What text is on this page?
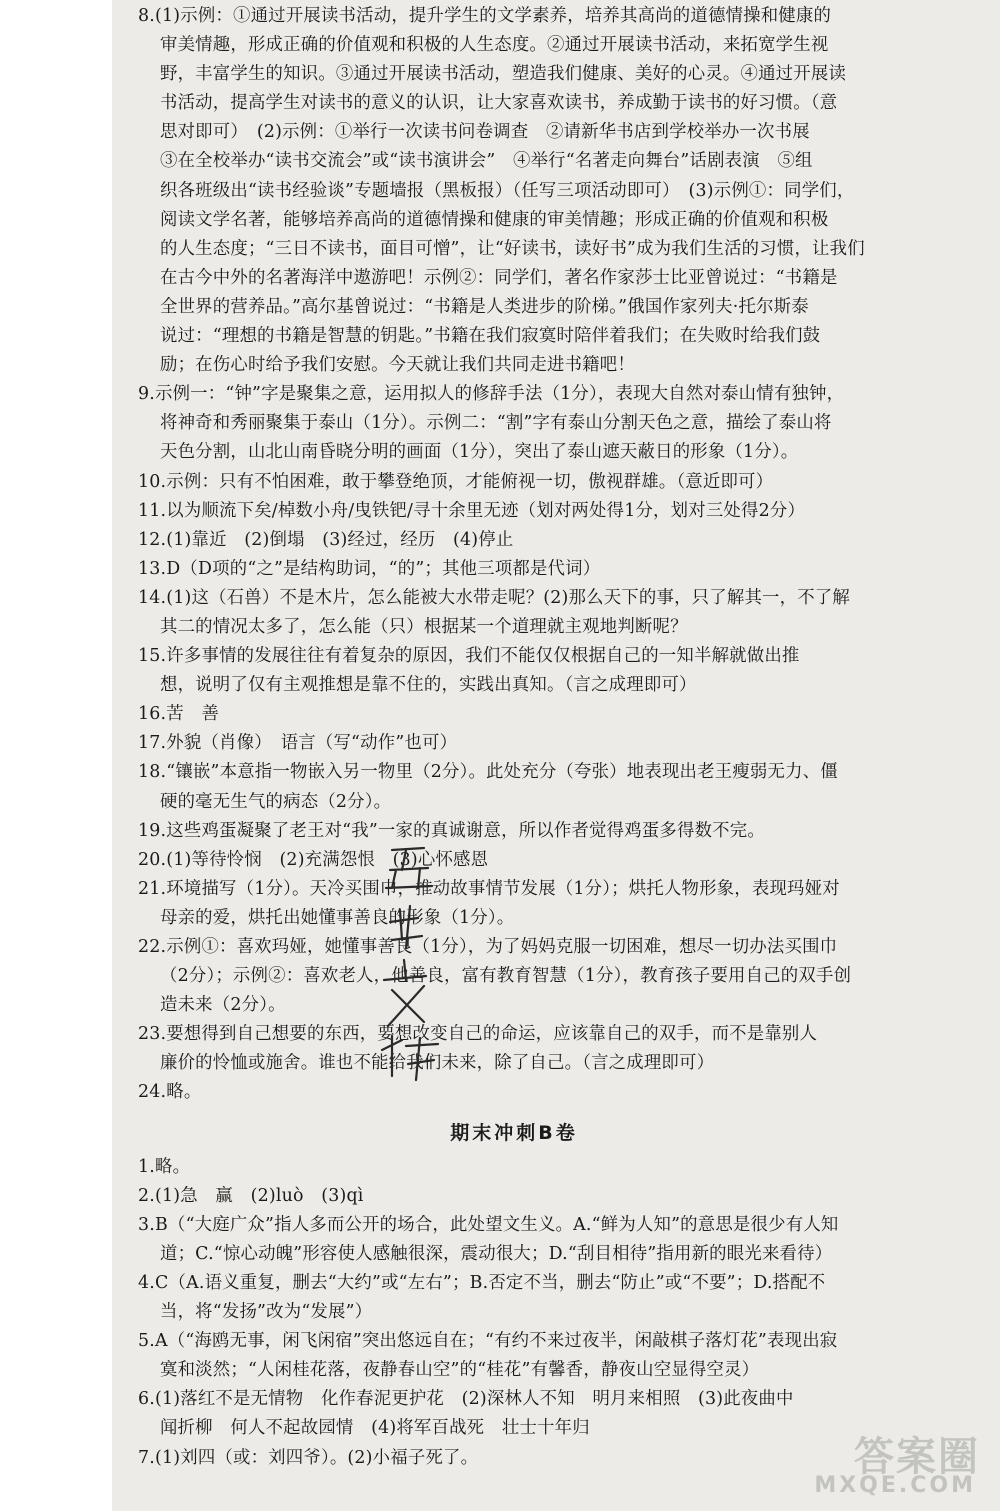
8.(1)示例：①通过开展读书活动，提升学生的文学素养，培养其高尚的道德情操和健康的
审美情趣，形成正确的价值观和积极的人生态度。②通过开展读书活动，来拓宽学生视
野，丰富学生的知识。③通过开展读书活动，塑造我们健康、美好的心灵。④通过开展读
书活动，提高学生对读书的意义的认识，让大家喜欢读书，养成勤于读书的好习惯。（意
思对即可）　(2)示例：①举行一次读书问卷调查　②请新华书店到学校举办一次书展
③在全校举办“读书交流会”或“读书演讲会”　④举行“名著走向舞台”话剧表演　⑤组
织各班级出“读书经验谈”专题墙报（黑板报）（任写三项活动即可）　(3)示例①：同学们，
阅读文学名著，能够培养高尚的道德情操和健康的审美情趣；形成正确的价值观和积极
的人生态度；“三日不读书，面目可憎”，让“好读书，读好书”成为我们生活的习惯，让我们
在古今中外的名著海洋中遨游吧！示例②：同学们，著名作家莎士比亚曾说过：“书籍是
全世界的营养品。”高尔基曾说过：“书籍是人类进步的阶梯。”俄国作家列夫·托尔斯泰
说过：“理想的书籍是智慧的钥匙。”书籍在我们寂寞时陪伴着我们；在失败时给我们鼓
励；在伤心时给予我们安慰。今天就让我们共同走进书籍吧！
9.示例一：“钟”字是聚集之意，运用拟人的修辞手法（1分），表现大自然对泰山情有独钟，
将神奇和秀丽聚集于泰山（1分）。示例二：“割”字有泰山分割天色之意，描绘了泰山将
天色分割，山北山南昏晓分明的画面（1分），突出了泰山遮天蔽日的形象（1分）。
10.示例：只有不怕困难，敢于攀登绝顶，才能俯视一切，傲视群雄。（意近即可）
11.以为顺流下矣/棹数小舟/曳铁钯/寻十余里无迹（划对两处得1分，划对三处得2分）
12.(1)靠近　(2)倒塌　(3)经过，经历　(4)停止
13.D（D项的“之”是结构助词，“的”；其他三项都是代词）
14.(1)这（石兽）不是木片，怎么能被大水带走呢？(2)那么天下的事，只了解其一，不了解
其二的情况太多了，怎么能（只）根据某一个道理就主观地判断呢？
15.许多事情的发展往往有着复杂的原因，我们不能仅仅根据自己的一知半解就做出推
想，说明了仅有主观推想是靠不住的，实践出真知。（言之成理即可）
16.苦　善
17.外貌（肖像）　语言（写“动作”也可）
18.“镶嵌”本意指一物嵌入另一物里（2分）。此处充分（夸张）地表现出老王瘦弱无力、僵
硬的毫无生气的病态（2分）。
19.这些鸡蛋凝聚了老王对“我”一家的真诚谢意，所以作者觉得鸡蛋多得数不完。
20.(1)等待怜悯　(2)充满怨恨　(3)心怀感恩
21.环境描写（1分）。天冷买围巾，推动故事情节发展（1分）；烘托人物形象，表现玛娅对
母亲的爱，烘托出她懂事善良的形象（1分）。
22.示例①：喜欢玛娅，她懂事善良（1分），为了妈妈克服一切困难，想尽一切办法买围巾
（2分）；示例②：喜欢老人，他善良，富有教育智慧（1分），教育孩子要用自己的双手创
造未来（2分）。
23.要想得到自己想要的东西，要想改变自己的命运，应该靠自己的双手，而不是靠别人
廉价的怜恤或施舍。谁也不能给我们未来，除了自己。（言之成理即可）
24.略。
期末冲刺B卷
1.略。
2.(1)急　赢　(2)luò　(3)qì
3.B（“大庭广众”指人多而公开的场合，此处望文生义。A.“鲜为人知”的意思是很少有人知
道；C.“惊心动魄”形容使人感触很深，震动很大；D.“刮目相待”指用新的眼光来看待）
4.C（A.语义重复，删去“大约”或“左右”；B.否定不当，删去“防止”或“不要”；D.搭配不
当，将“发扬”改为“发展”）
5.A（“海鸥无事，闲飞闲宿”突出悠远自在；“有约不来过夜半，闲敲棋子落灯花”表现出寂
寞和淡然；“人闲桂花落，夜静春山空”的“桂花”有馨香，静夜山空显得空灵）
6.(1)落红不是无情物　化作春泥更护花　(2)深林人不知　明月来相照　(3)此夜曲中
闻折柳　何人不起故园情　(4)将军百战死　壮士十年归
7.(1)刘四（或：刘四爷）。(2)小福子死了。	答案圈
MXQE.COM
